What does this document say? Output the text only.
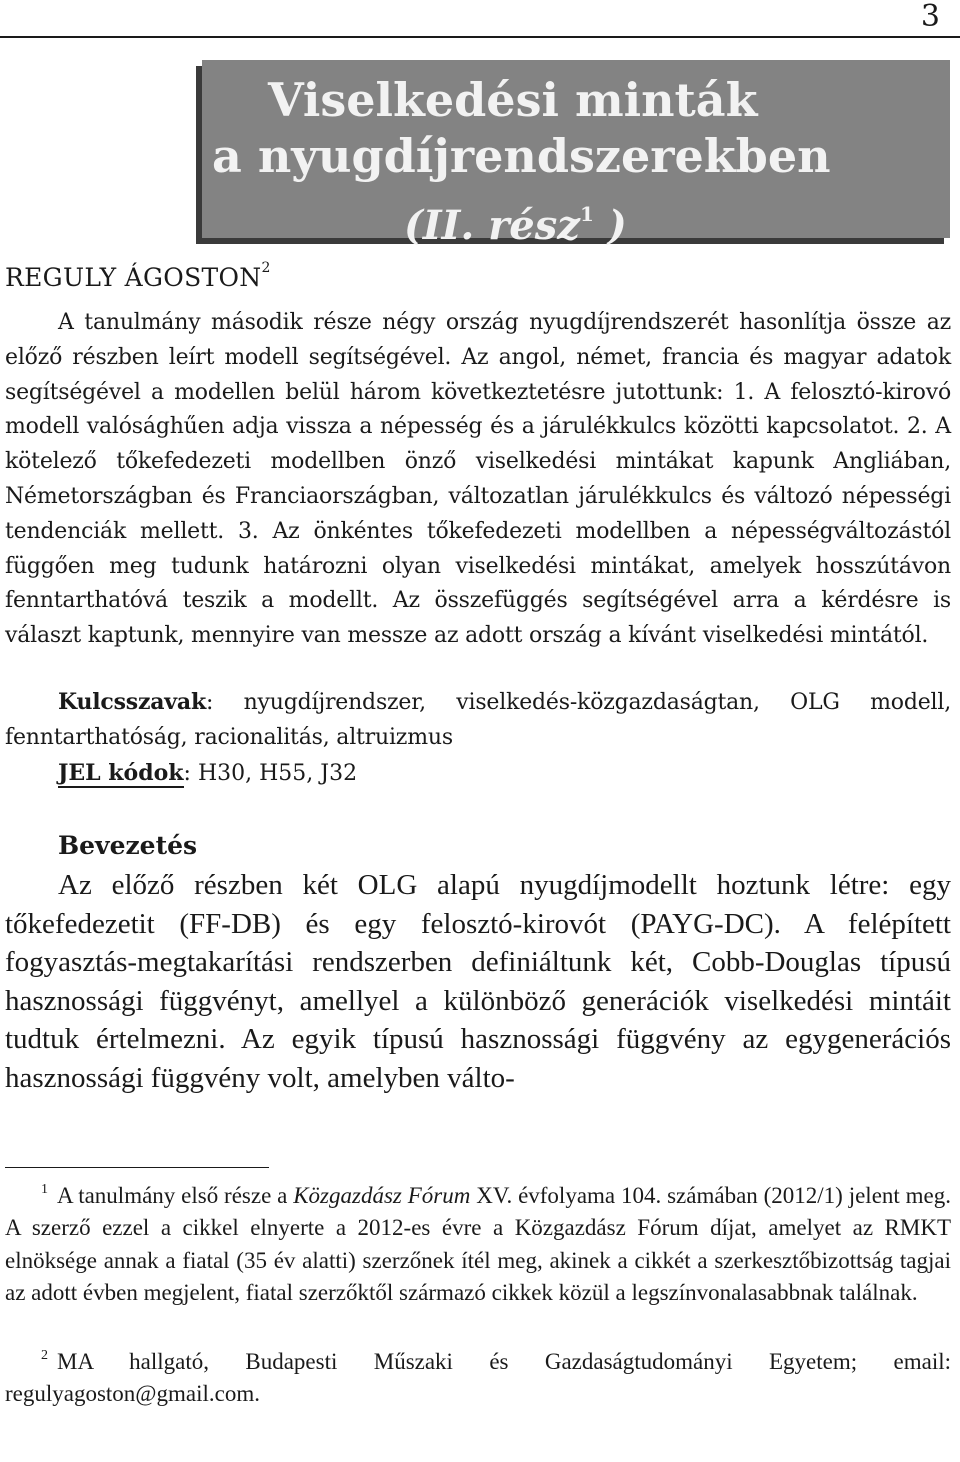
3
Viselkedési minták
a nyugdíjrendszerekben
(II. rész$^1$ )
REGULY ÁGOSTON$^2$

A tanulmány második része négy ország nyugdíjrendszerét hasonlítja össze az előző részben leírt modell segítségével. Az angol, német, francia és magyar adatok segítségével a modellen belül három következtetésre jutottunk: 1. A felosztó-kirovó modell valósághűen adja vissza a népesség és a járulékkulcs közötti kapcsolatot. 2. A kötelező tőkefedezeti modellben önző viselkedési mintákat kapunk Angliában, Németországban és Franciaországban, változatlan járulékkulcs és változó népességi tendenciák mellett. 3. Az önkéntes tőkefedezeti modellben a népességváltozástól függően meg tudunk határozni olyan viselkedési mintákat, amelyek hosszútávon fenntarthatóvá teszik a modellt. Az összefüggés segítségével arra a kérdésre is választ kaptunk, mennyire van messze az adott ország a kívánt viselkedési mintától.

Kulcsszavak: nyugdíjrendszer, viselkedés-közgazdaságtan, OLG modell, fenntarthatóság, racionalitás, altruizmus

JEL kódok: H30, H55, J32
Bevezetés

Az előző részben két OLG alapú nyugdíjmodellt hoztunk létre: egy tőkefedezetit (FF-DB) és egy felosztó-kirovót (PAYG-DC). A felépített fogyasztás-megtakarítási rendszerben definiáltunk két, Cobb-Douglas típusú hasznossági függvényt, amellyel a különböző generációk viselkedési mintáit tudtuk értelmezni. Az egyik típusú hasznossági függvény az egygenerációs hasznossági függvény volt, amelyben válto-

$^1$ A tanulmány első része a Közgazdász Fórum XV. évfolyama 104. számában (2012/1) jelent meg. A szerző ezzel a cikkel elnyerte a 2012-es évre a Közgazdász Fórum díjat, amelyet az RMKT elnöksége annak a fiatal (35 év alatti) szerzőnek ítél meg, akinek a cikkét a szerkesztőbizottság tagjai az adott évben megjelent, fiatal szerzőktől származó cikkek közül a legszínvonalasabbnak találnak.

$^2$ MA hallgató, Budapesti Műszaki és Gazdaságtudományi Egyetem; email: regulyagoston@gmail.com.
